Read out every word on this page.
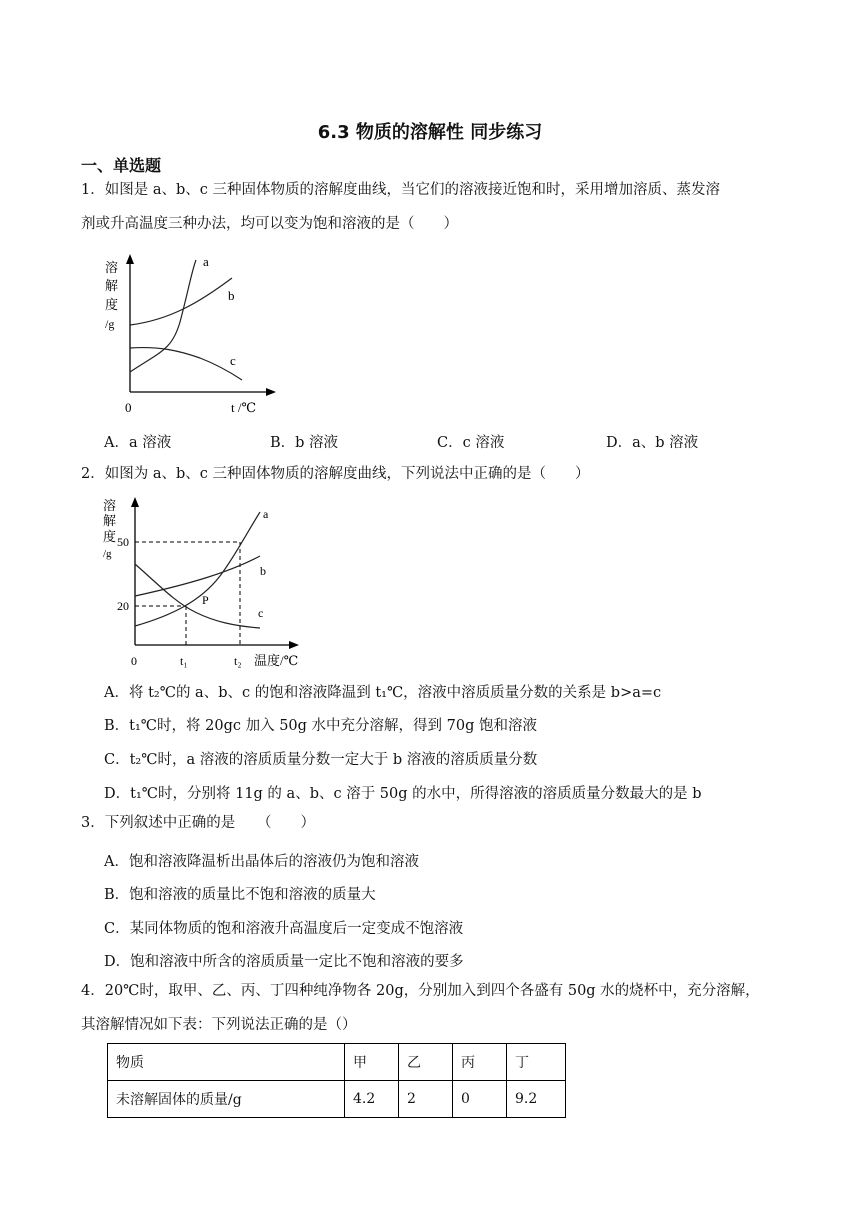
6.3 物质的溶解性 同步练习
一、单选题
1．如图是 a、b、c 三种固体物质的溶解度曲线，当它们的溶液接近饱和时，采用增加溶质、蒸发溶
剂或升高温度三种办法，均可以变为饱和溶液的是（　　）
溶
解
度
/g
a
b
c
0	t /℃
A．a 溶液	B．b 溶液	C．c 溶液	D．a、b 溶液
2．如图为 a、b、c 三种固体物质的溶解度曲线，下列说法中正确的是（　　）
溶
解
度
/g
50
20	P
a
b
c
0	t₁	t₂ 温度/℃
A．将 t₂℃的 a、b、c 的饱和溶液降温到 t₁℃，溶液中溶质质量分数的关系是 b>a=c
B．t₁℃时，将 20gc 加入 50g 水中充分溶解，得到 70g 饱和溶液
C．t₂℃时，a 溶液的溶质质量分数一定大于 b 溶液的溶质质量分数
D．t₁℃时，分别将 11g 的 a、b、c 溶于 50g 的水中，所得溶液的溶质质量分数最大的是 b
3．下列叙述中正确的是　　（　　）
A．饱和溶液降温析出晶体后的溶液仍为饱和溶液
B．饱和溶液的质量比不饱和溶液的质量大
C．某同体物质的饱和溶液升高温度后一定变成不饱溶液
D．饱和溶液中所含的溶质质量一定比不饱和溶液的要多
4．20℃时，取甲、乙、丙、丁四种纯净物各 20g，分别加入到四个各盛有 50g 水的烧杯中，充分溶解，
其溶解情况如下表：下列说法正确的是（）
物质	甲	乙	丙	丁
未溶解固体的质量/g	4.2	2	0	9.2
